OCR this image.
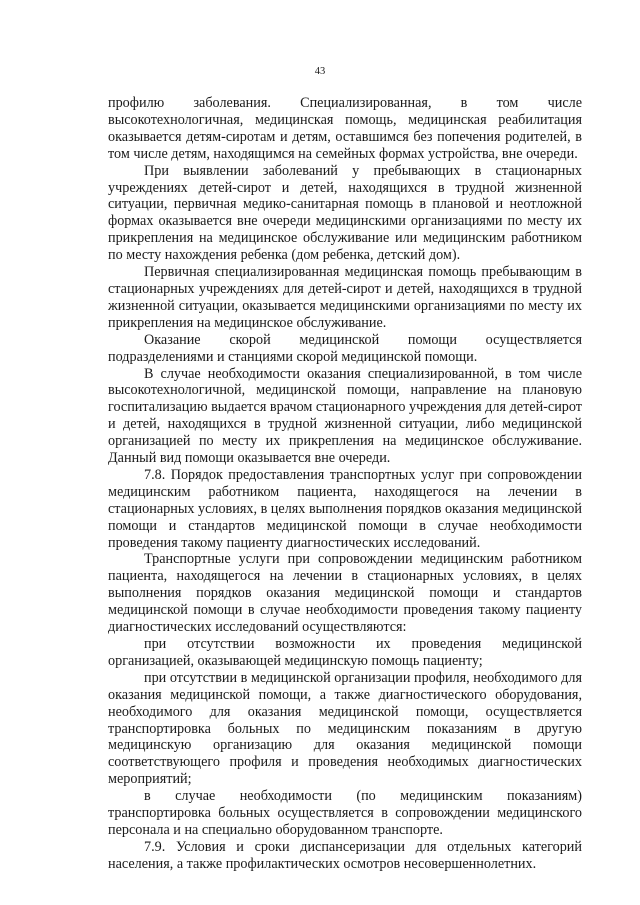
43

профилю заболевания. Специализированная, в том числе высокотехнологичная, медицинская помощь, медицинская реабилитация оказывается детям-сиротам и детям, оставшимся без попечения родителей, в том числе детям, находящимся на семейных формах устройства, вне очереди.

При выявлении заболеваний у пребывающих в стационарных учреждениях детей-сирот и детей, находящихся в трудной жизненной ситуации, первичная медико-санитарная помощь в плановой и неотложной формах оказывается вне очереди медицинскими организациями по месту их прикрепления на медицинское обслуживание или медицинским работником по месту нахождения ребенка (дом ребенка, детский дом).

Первичная специализированная медицинская помощь пребывающим в стационарных учреждениях для детей-сирот и детей, находящихся в трудной жизненной ситуации, оказывается медицинскими организациями по месту их прикрепления на медицинское обслуживание.

Оказание скорой медицинской помощи осуществляется подразделениями и станциями скорой медицинской помощи.

В случае необходимости оказания специализированной, в том числе высокотехнологичной, медицинской помощи, направление на плановую госпитализацию выдается врачом стационарного учреждения для детей-сирот и детей, находящихся в трудной жизненной ситуации, либо медицинской организацией по месту их прикрепления на медицинское обслуживание. Данный вид помощи оказывается вне очереди.

7.8. Порядок предоставления транспортных услуг при сопровождении медицинским работником пациента, находящегося на лечении в стационарных условиях, в целях выполнения порядков оказания медицинской помощи и стандартов медицинской помощи в случае необходимости проведения такому пациенту диагностических исследований.

Транспортные услуги при сопровождении медицинским работником пациента, находящегося на лечении в стационарных условиях, в целях выполнения порядков оказания медицинской помощи и стандартов медицинской помощи в случае необходимости проведения такому пациенту диагностических исследований осуществляются:

при отсутствии возможности их проведения медицинской организацией, оказывающей медицинскую помощь пациенту;

при отсутствии в медицинской организации профиля, необходимого для оказания медицинской помощи, а также диагностического оборудования, необходимого для оказания медицинской помощи, осуществляется транспортировка больных по медицинским показаниям в другую медицинскую организацию для оказания медицинской помощи соответствующего профиля и проведения необходимых диагностических мероприятий;

в случае необходимости (по медицинским показаниям) транспортировка больных осуществляется в сопровождении медицинского персонала и на специально оборудованном транспорте.

7.9. Условия и сроки диспансеризации для отдельных категорий населения, а также профилактических осмотров несовершеннолетних.
